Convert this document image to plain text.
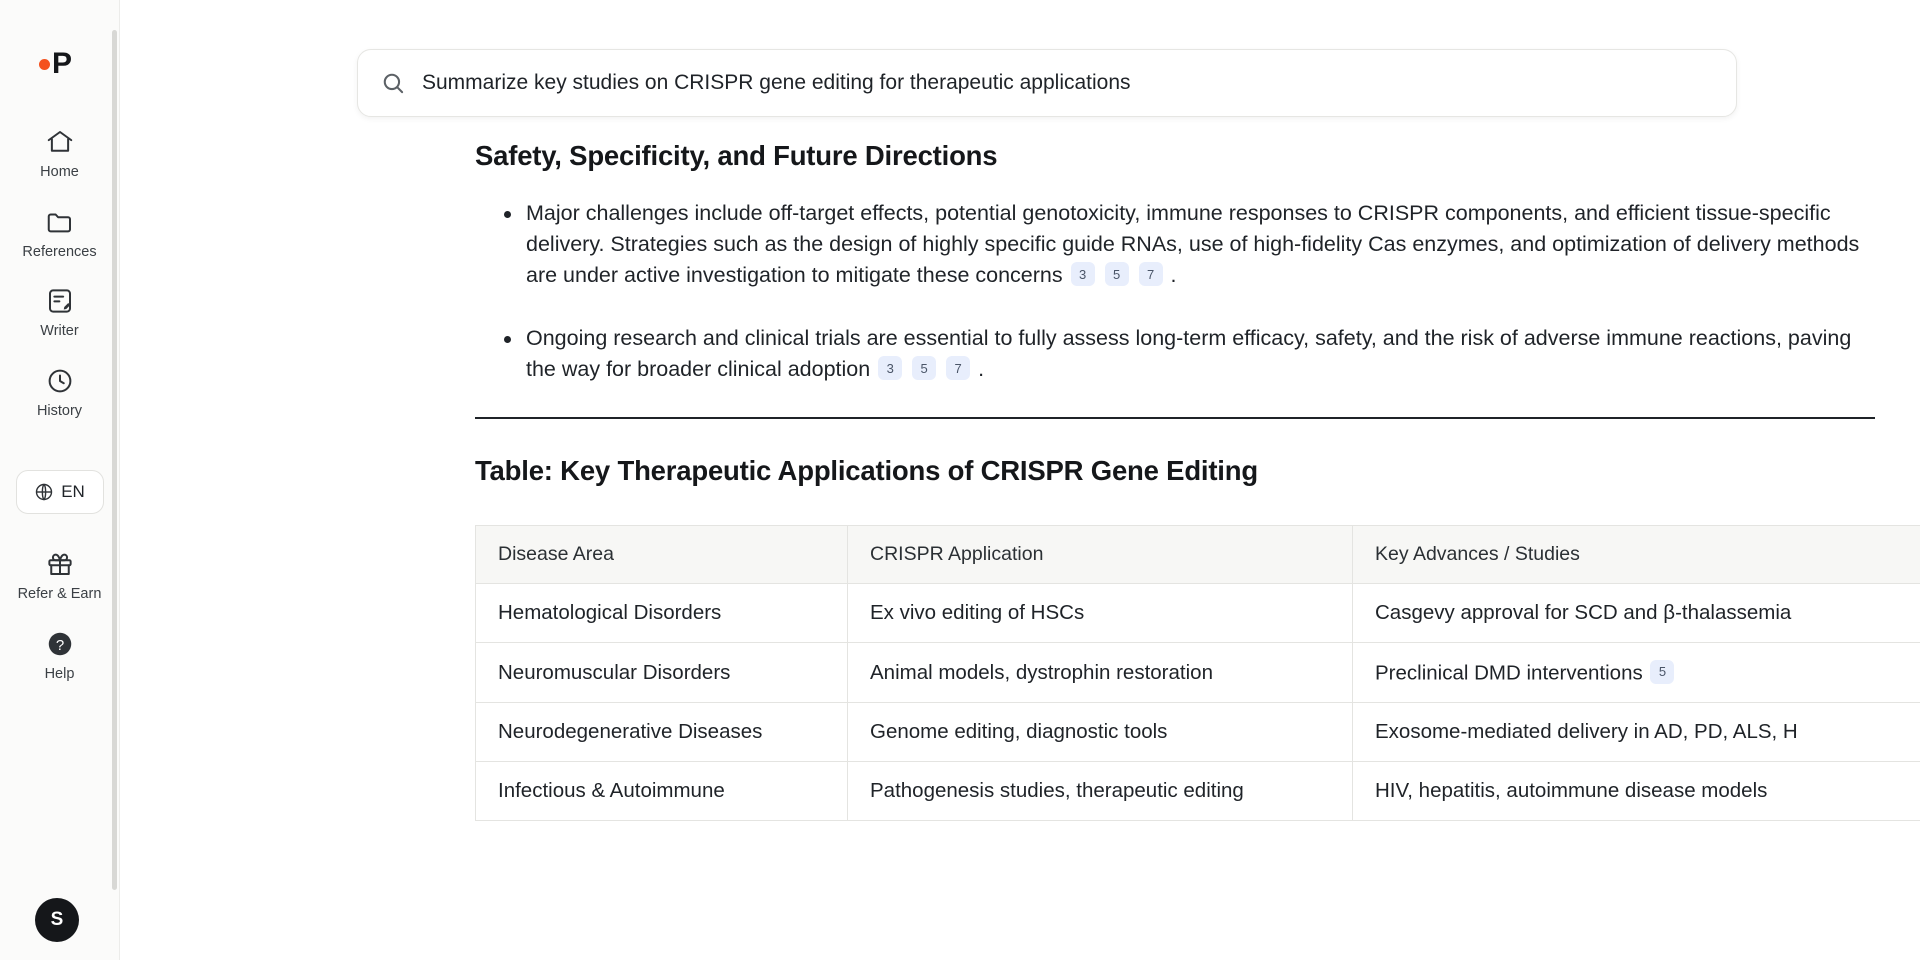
P
Home
References
Writer
History
EN
Refer & Earn
?
Help
S
Summarize key studies on CRISPR gene editing for therapeutic applications
Safety, Specificity, and Future Directions
Major challenges include off-target effects, potential genotoxicity, immune responses to CRISPR components, and efficient tissue-specific delivery. Strategies such as the design of highly specific guide RNAs, use of high-fidelity Cas enzymes, and optimization of delivery methods are under active investigation to mitigate these concerns 3 5 7 .
Ongoing research and clinical trials are essential to fully assess long-term efficacy, safety, and the risk of adverse immune reactions, paving the way for broader clinical adoption 3 5 7 .
Table: Key Therapeutic Applications of CRISPR Gene Editing
Disease Area	CRISPR Application	Key Advances / Studies	
Hematological Disorders	Ex vivo editing of HSCs	Casgevy approval for SCD and β-thalassemia	
Neuromuscular Disorders	Animal models, dystrophin restoration	Preclinical DMD interventions 5	
Neurodegenerative Diseases	Genome editing, diagnostic tools	Exosome-mediated delivery in AD, PD, ALS, H	
Infectious & Autoimmune	Pathogenesis studies, therapeutic editing	HIV, hepatitis, autoimmune disease models	
